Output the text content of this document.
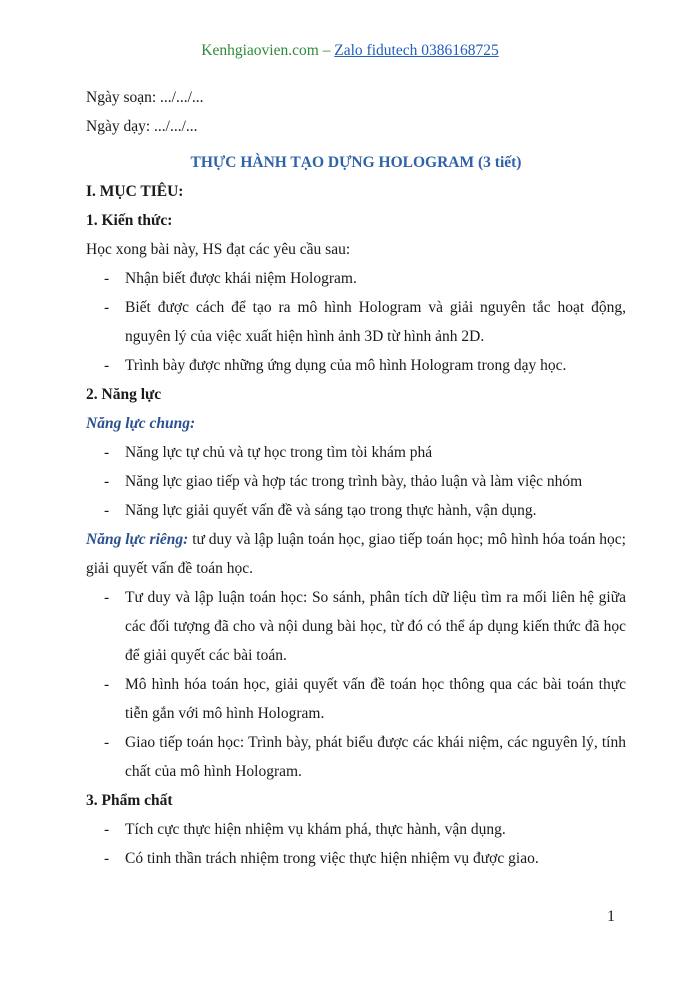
Kenhgiaovien.com – Zalo fidutech 0386168725

Ngày soạn: .../.../...

Ngày dạy: .../.../...

THỰC HÀNH TẠO DỰNG HOLOGRAM (3 tiết)

I. MỤC TIÊU:

1. Kiến thức:

Học xong bài này, HS đạt các yêu cầu sau:

- Nhận biết được khái niệm Hologram.
- Biết được cách để tạo ra mô hình Hologram và giải nguyên tắc hoạt động, nguyên lý của việc xuất hiện hình ảnh 3D từ hình ảnh 2D.
- Trình bày được những ứng dụng của mô hình Hologram trong dạy học.

2. Năng lực

Năng lực chung:

- Năng lực tự chủ và tự học trong tìm tòi khám phá
- Năng lực giao tiếp và hợp tác trong trình bày, thảo luận và làm việc nhóm
- Năng lực giải quyết vấn đề và sáng tạo trong thực hành, vận dụng.

Năng lực riêng: tư duy và lập luận toán học, giao tiếp toán học; mô hình hóa toán học; giải quyết vấn đề toán học.

- Tư duy và lập luận toán học: So sánh, phân tích dữ liệu tìm ra mối liên hệ giữa các đối tượng đã cho và nội dung bài học, từ đó có thể áp dụng kiến thức đã học để giải quyết các bài toán.
- Mô hình hóa toán học, giải quyết vấn đề toán học thông qua các bài toán thực tiễn gắn với mô hình Hologram.
- Giao tiếp toán học: Trình bày, phát biểu được các khái niệm, các nguyên lý, tính chất của mô hình Hologram.

3. Phẩm chất

- Tích cực thực hiện nhiệm vụ khám phá, thực hành, vận dụng.
- Có tinh thần trách nhiệm trong việc thực hiện nhiệm vụ được giao.
1
